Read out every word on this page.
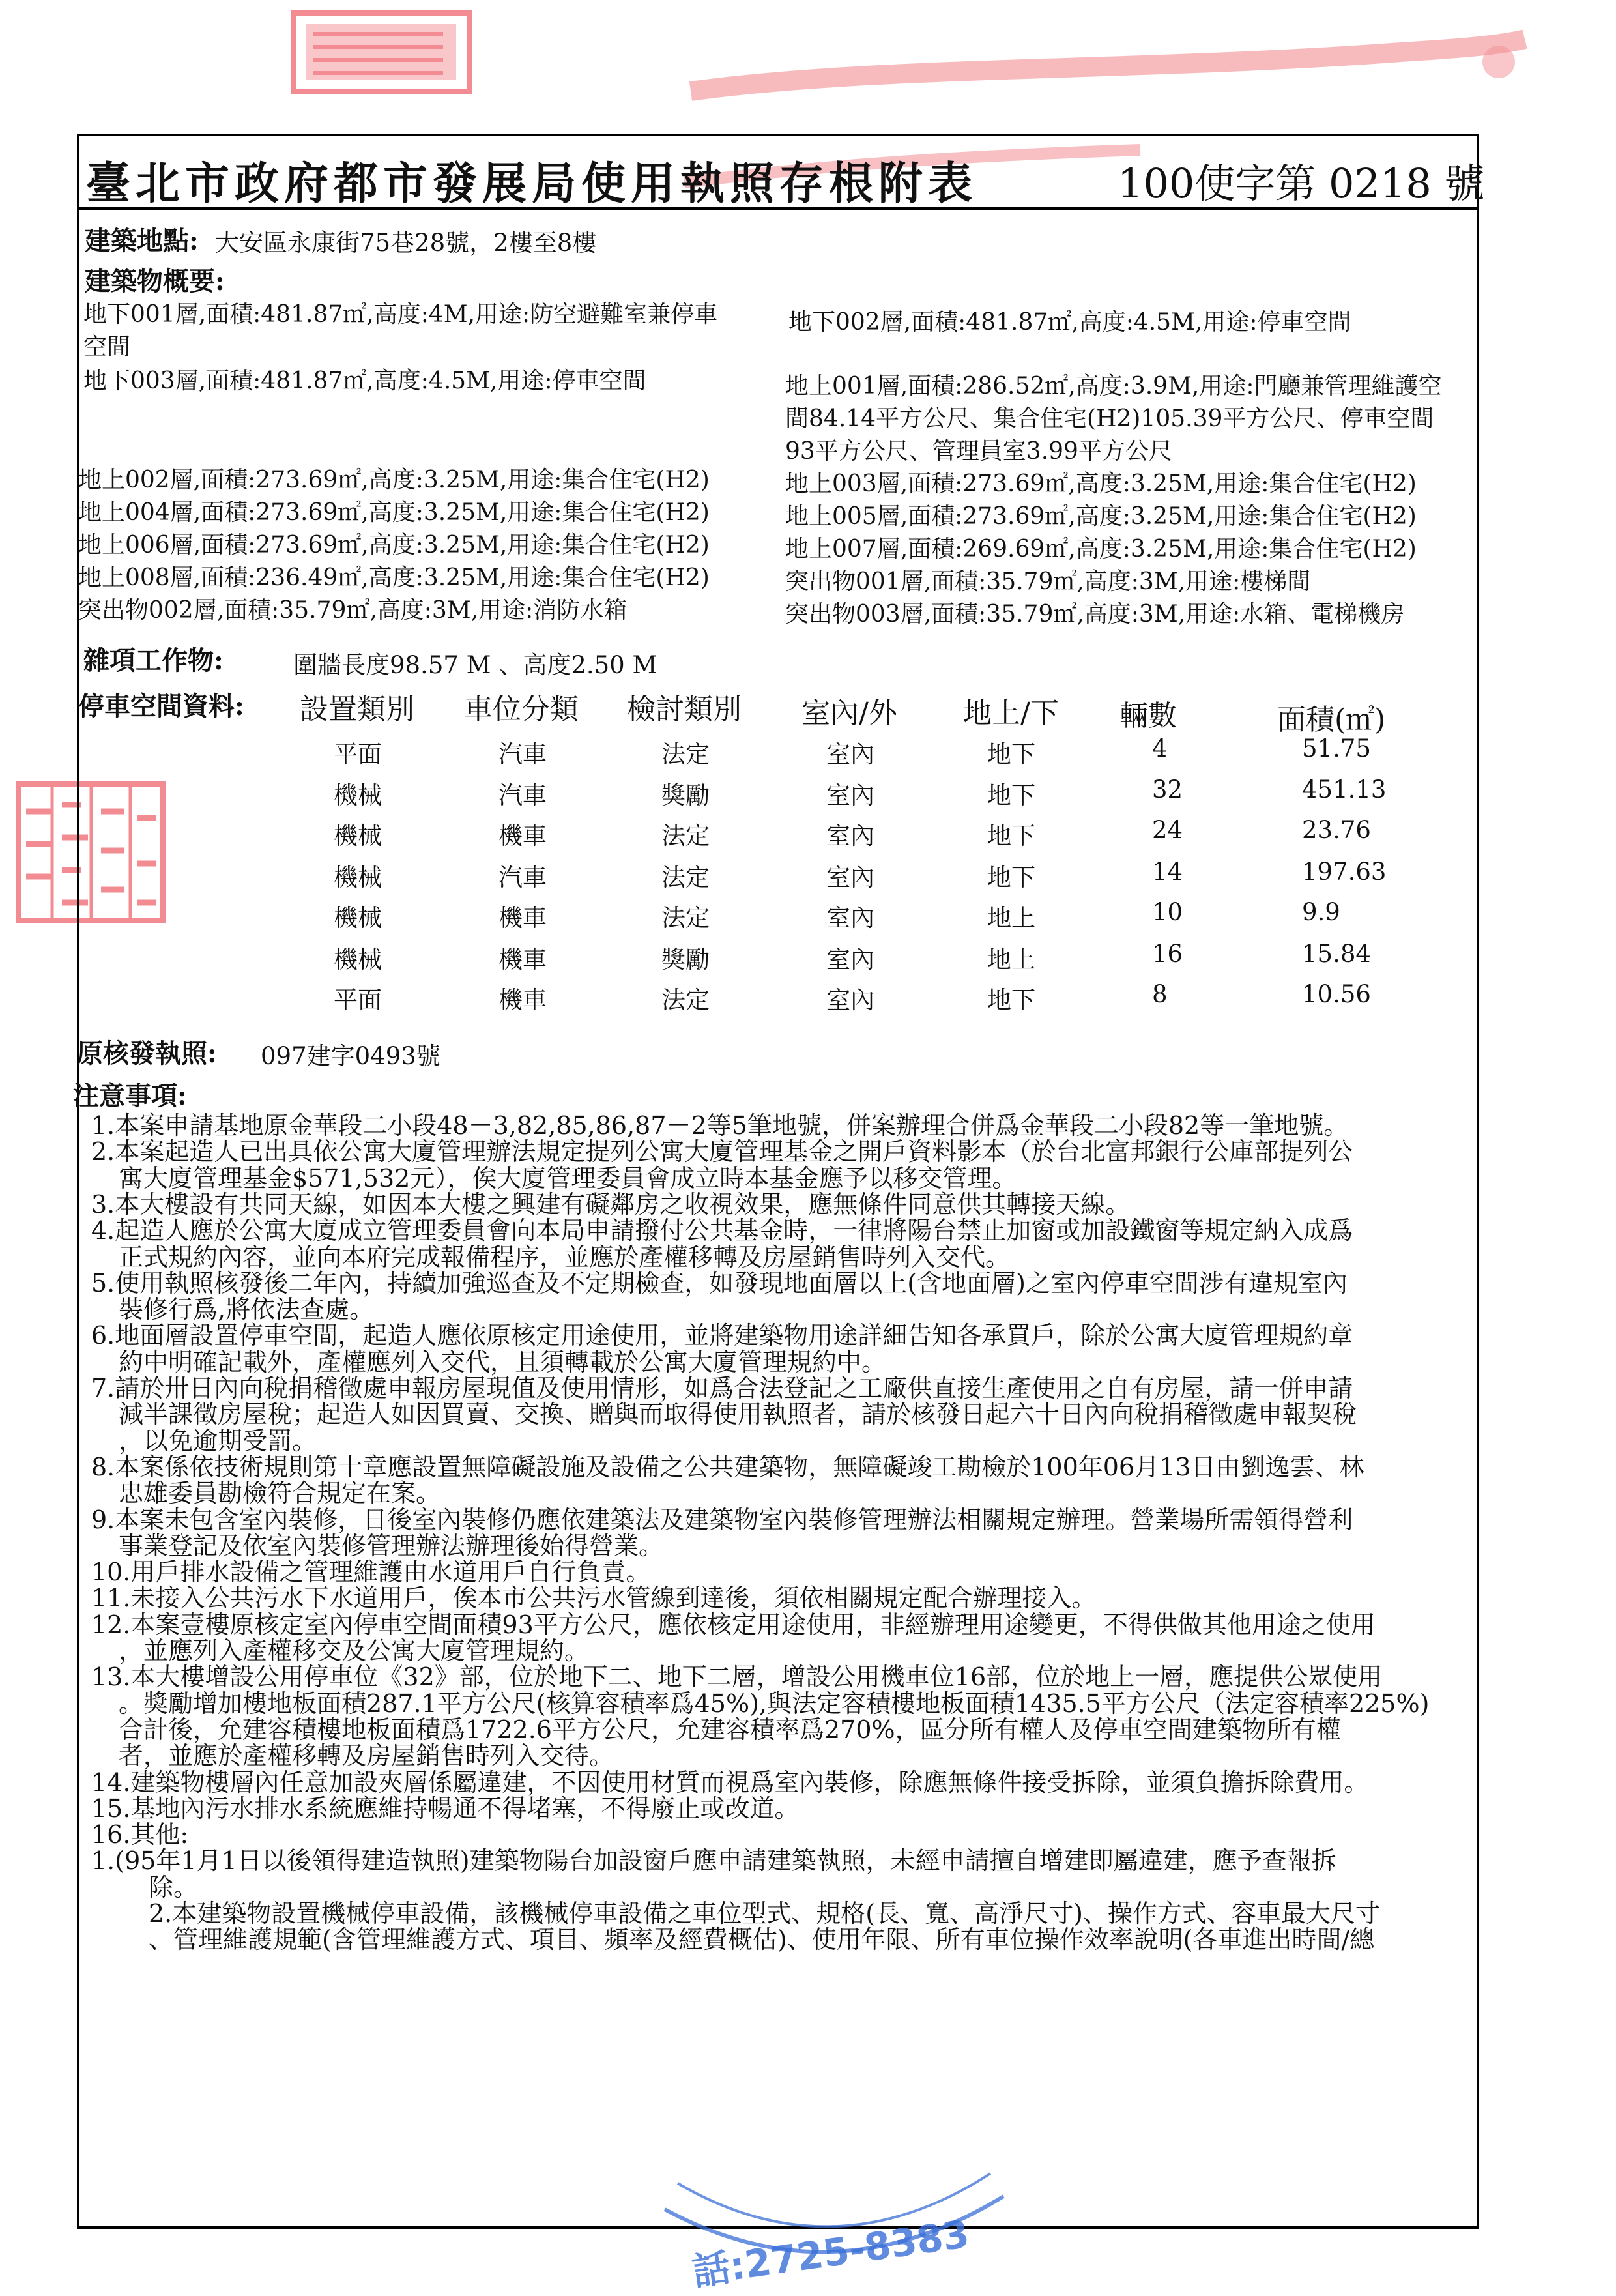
臺北市政府都市發展局使用執照存根附表	100使字第 0218 號
建築地點: 大安區永康街75巷28號，2樓至8樓
建築物概要:
地下001層,面積:481.87㎡,高度:4M,用途:防空避難室兼停車
空間
地下003層,面積:481.87㎡,高度:4.5M,用途:停車空間
地上002層,面積:273.69㎡,高度:3.25M,用途:集合住宅(H2)
地上004層,面積:273.69㎡,高度:3.25M,用途:集合住宅(H2)
地上006層,面積:273.69㎡,高度:3.25M,用途:集合住宅(H2)
地上008層,面積:236.49㎡,高度:3.25M,用途:集合住宅(H2)
突出物002層,面積:35.79㎡,高度:3M,用途:消防水箱
地下002層,面積:481.87㎡,高度:4.5M,用途:停車空間
地上001層,面積:286.52㎡,高度:3.9M,用途:門廳兼管理維護空
間84.14平方公尺、集合住宅(H2)105.39平方公尺、停車空間
93平方公尺、管理員室3.99平方公尺
地上003層,面積:273.69㎡,高度:3.25M,用途:集合住宅(H2)
地上005層,面積:273.69㎡,高度:3.25M,用途:集合住宅(H2)
地上007層,面積:269.69㎡,高度:3.25M,用途:集合住宅(H2)
突出物001層,面積:35.79㎡,高度:3M,用途:樓梯間
突出物003層,面積:35.79㎡,高度:3M,用途:水箱、電梯機房
雜項工作物:	圍牆長度98.57 M 、高度2.50 M
停車空間資料: 設置類別 車位分類 檢討類別 室內/外 地上/下 輛數	面積(㎡)
平面	汽車	法定	室內	地下	4	51.75
機械	汽車	獎勵	室內	地下	32	451.13
機械	機車	法定	室內	地下	24	23.76
機械	汽車	法定	室內	地下	14	197.63
機械	機車	法定	室內	地上	10	9.9
機械	機車	獎勵	室內	地上	16	15.84
平面	機車	法定	室內	地下	8	10.56
原核發執照: 097建字0493號
注意事項:
1.本案申請基地原金華段二小段48－3,82,85,86,87－2等5筆地號，併案辦理合併爲金華段二小段82等一筆地號。
2.本案起造人已出具依公寓大廈管理辦法規定提列公寓大廈管理基金之開戶資料影本（於台北富邦銀行公庫部提列公
寓大廈管理基金$571,532元），俟大廈管理委員會成立時本基金應予以移交管理。
3.本大樓設有共同天線，如因本大樓之興建有礙鄰房之收視效果，應無條件同意供其轉接天線。
4.起造人應於公寓大廈成立管理委員會向本局申請撥付公共基金時，一律將陽台禁止加窗或加設鐵窗等規定納入成爲
正式規約內容，並向本府完成報備程序，並應於產權移轉及房屋銷售時列入交代。
5.使用執照核發後二年內，持續加強巡查及不定期檢查，如發現地面層以上(含地面層)之室內停車空間涉有違規室內
裝修行爲,將依法查處。
6.地面層設置停車空間，起造人應依原核定用途使用，並將建築物用途詳細告知各承買戶，除於公寓大廈管理規約章
約中明確記載外，產權應列入交代，且須轉載於公寓大廈管理規約中。
7.請於卅日內向稅捐稽徵處申報房屋現值及使用情形，如爲合法登記之工廠供直接生產使用之自有房屋，請一併申請
減半課徵房屋稅；起造人如因買賣、交換、贈與而取得使用執照者，請於核發日起六十日內向稅捐稽徵處申報契稅
，以免逾期受罰。
8.本案係依技術規則第十章應設置無障礙設施及設備之公共建築物，無障礙竣工勘檢於100年06月13日由劉逸雲、林
忠雄委員勘檢符合規定在案。
9.本案未包含室內裝修，日後室內裝修仍應依建築法及建築物室內裝修管理辦法相關規定辦理。營業場所需領得營利
事業登記及依室內裝修管理辦法辦理後始得營業。
10.用戶排水設備之管理維護由水道用戶自行負責。
11.未接入公共污水下水道用戶，俟本市公共污水管線到達後，須依相關規定配合辦理接入。
12.本案壹樓原核定室內停車空間面積93平方公尺，應依核定用途使用，非經辦理用途變更，不得供做其他用途之使用
，並應列入產權移交及公寓大廈管理規約。
13.本大樓增設公用停車位《32》部，位於地下二、地下二層，增設公用機車位16部，位於地上一層，應提供公眾使用
。獎勵增加樓地板面積287.1平方公尺(核算容積率爲45%),與法定容積樓地板面積1435.5平方公尺（法定容積率225%)
合計後，允建容積樓地板面積爲1722.6平方公尺，允建容積率爲270%，區分所有權人及停車空間建築物所有權
者，並應於產權移轉及房屋銷售時列入交待。
14.建築物樓層內任意加設夾層係屬違建，不因使用材質而視爲室內裝修，除應無條件接受拆除，並須負擔拆除費用。
15.基地內污水排水系統應維持暢通不得堵塞，不得廢止或改道。
16.其他:
1.(95年1月1日以後領得建造執照)建築物陽台加設窗戶應申請建築執照，未經申請擅自增建即屬違建，應予查報拆
除。
2.本建築物設置機械停車設備，該機械停車設備之車位型式、規格(長、寬、高淨尺寸)、操作方式、容車最大尺寸
、管理維護規範(含管理維護方式、項目、頻率及經費概估)、使用年限、所有車位操作效率說明(各車進出時間/總
話:2725-8383
